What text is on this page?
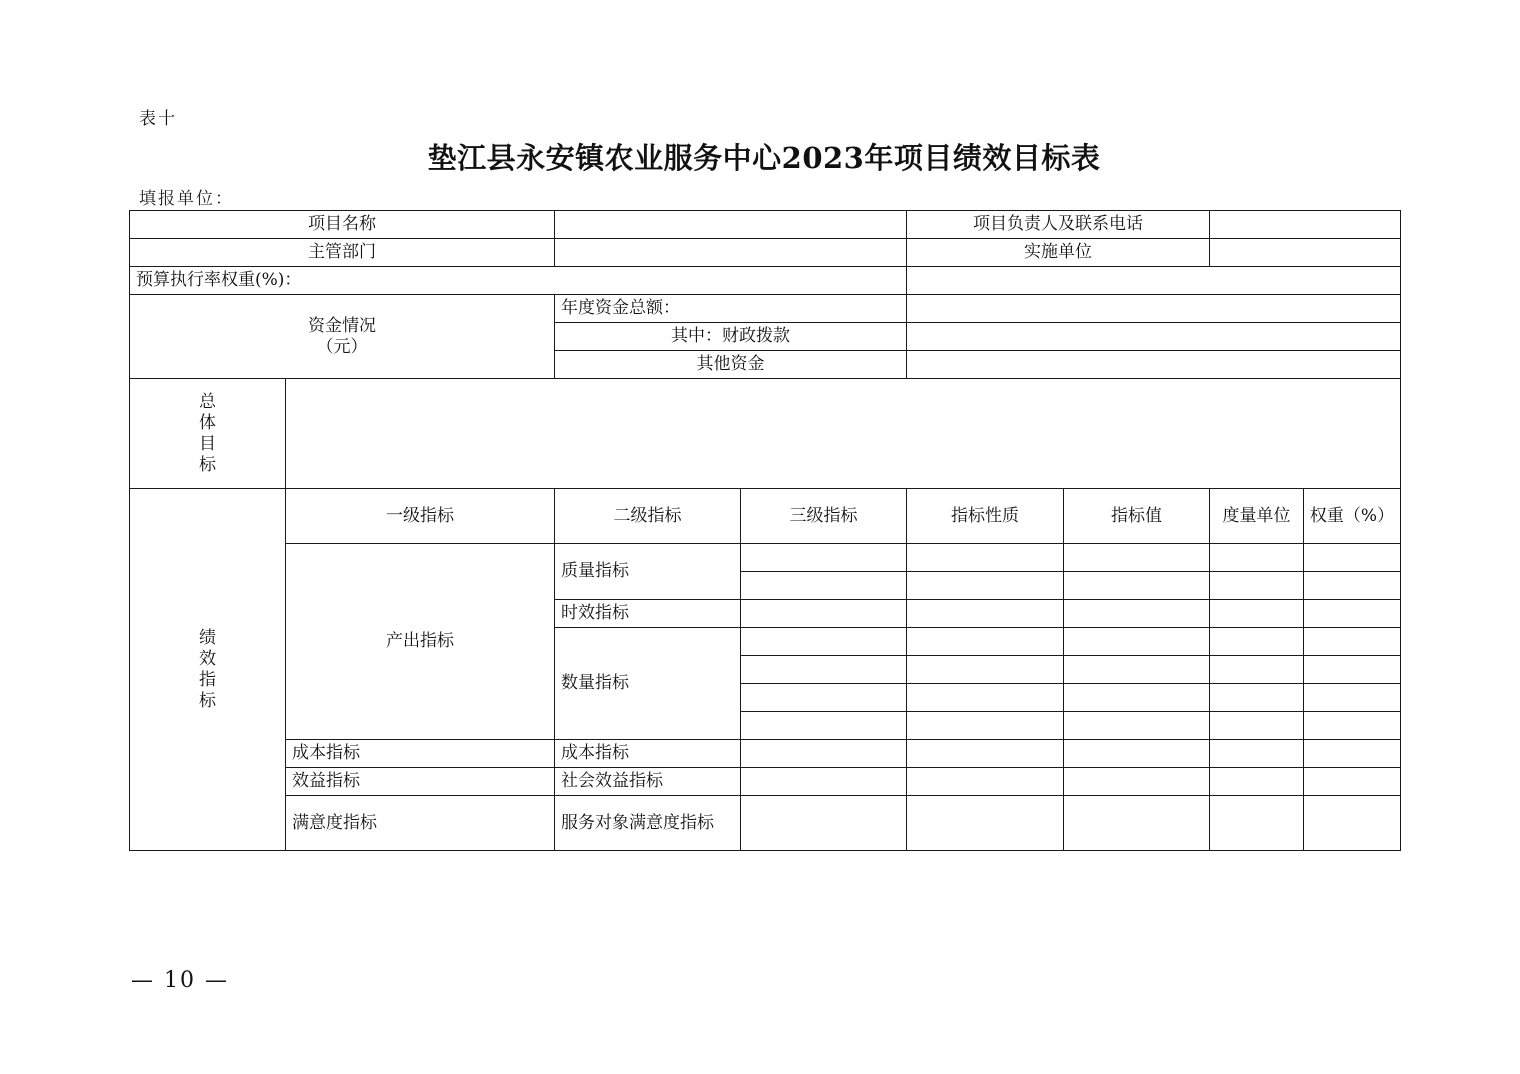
表十
垫江县永安镇农业服务中心2023年项目绩效目标表
填报单位：
项目名称				项目负责人及联系电话			
主管部门				实施单位			
预算执行率权重(%)：							

资金情况
（元）		年度资金总额：					
		其中：财政拨款					
		其他资金					

总
体
目
标							

绩
效
指
标	一级指标	二级指标	三级指标	指标性质	指标值	度量单位	权重（%）
	产出指标	质量指标					

		时效指标					
		数量指标					

	成本指标	成本指标					
	效益指标	社会效益指标					
	满意度指标	服务对象满意度指标					
— 10 —
